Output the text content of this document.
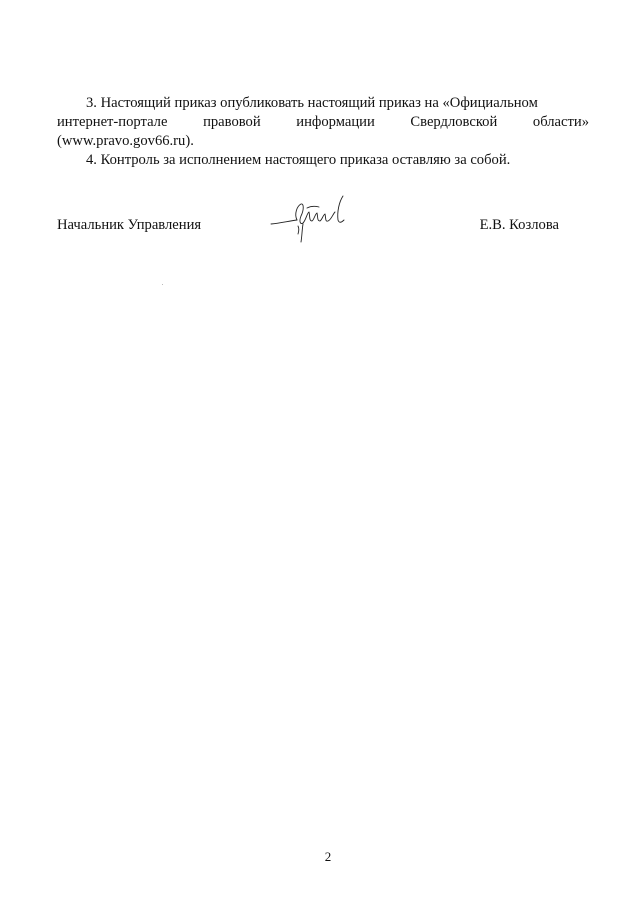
3. Настоящий приказ опубликовать настоящий приказ на «Официальном

интернет-портале правовой информации Свердловской области»

(www.pravo.gov66.ru).

4. Контроль за исполнением настоящего приказа оставляю за собой.

Начальник Управления	Е.В. Козлова
2
